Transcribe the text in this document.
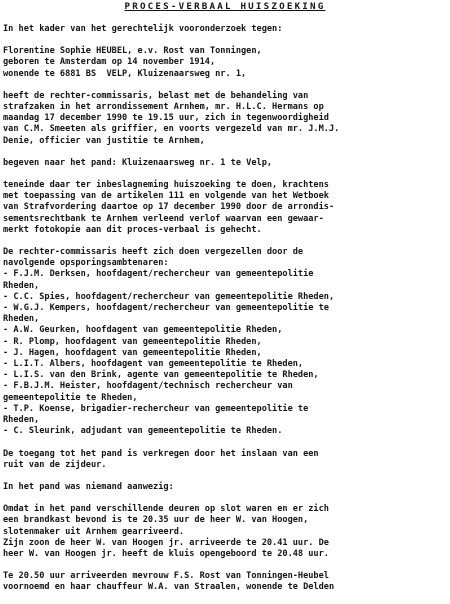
PROCES-VERBAAL HUISZOEKING

In het kader van het gerechtelijk vooronderzoek tegen:

Florentine Sophie HEUBEL, e.v. Rost van Tonningen,

geboren te Amsterdam op 14 november 1914,

wonende te 6881 BS  VELP, Kluizenaarsweg nr. 1,

heeft de rechter-commissaris, belast met de behandeling van

strafzaken in het arrondissement Arnhem, mr. H.L.C. Hermans op

maandag 17 december 1990 te 19.15 uur, zich in tegenwoordigheid

van C.M. Smeeten als griffier, en voorts vergezeld van mr. J.M.J.

Denie, officier van justitie te Arnhem,

begeven naar het pand: Kluizenaarsweg nr. 1 te Velp,

teneinde daar ter inbeslagneming huiszoeking te doen, krachtens

met toepassing van de artikelen 111 en volgende van het Wetboek

van Strafvordering daartoe op 17 december 1990 door de arrondis-

sementsrechtbank te Arnhem verleend verlof waarvan een gewaar-

merkt fotokopie aan dit proces-verbaal is gehecht.

De rechter-commissaris heeft zich doen vergezellen door de

navolgende opsporingsambtenaren:

- F.J.M. Derksen, hoofdagent/rechercheur van gemeentepolitie

Rheden,

- C.C. Spies, hoofdagent/rechercheur van gemeentepolitie Rheden,

- W.G.J. Kempers, hoofdagent/rechercheur van gemeentepolitie te

Rheden,

- A.W. Geurken, hoofdagent van gemeentepolitie Rheden,

- R. Plomp, hoofdagent van gemeentepolitie Rheden,

- J. Hagen, hoofdagent van gemeentepolitie Rheden,

- L.I.T. Albers, hoofdagent van gemeentepolitie te Rheden,

- L.I.S. van den Brink, agente van gemeentepolitie te Rheden,

- F.B.J.M. Heister, hoofdagent/technisch rechercheur van

gemeentepolitie te Rheden,

- T.P. Koense, brigadier-rechercheur van gemeentepolitie te

Rheden,

- C. Sleurink, adjudant van gemeentepolitie te Rheden.

De toegang tot het pand is verkregen door het inslaan van een

ruit van de zijdeur.

In het pand was niemand aanwezig:

Omdat in het pand verschillende deuren op slot waren en er zich

een brandkast bevond is te 20.35 uur de heer W. van Hoogen,

slotenmaker uit Arnhem gearriveerd.

Zijn zoon de heer W. van Hoogen jr. arriveerde te 20.41 uur. De

heer W. van Hoogen jr. heeft de kluis opengeboord te 20.48 uur.

Te 20.50 uur arriveerden mevrouw F.S. Rost van Tonningen-Heubel

voornoemd en haar chauffeur W.A. van Straalen, wonende te Delden
